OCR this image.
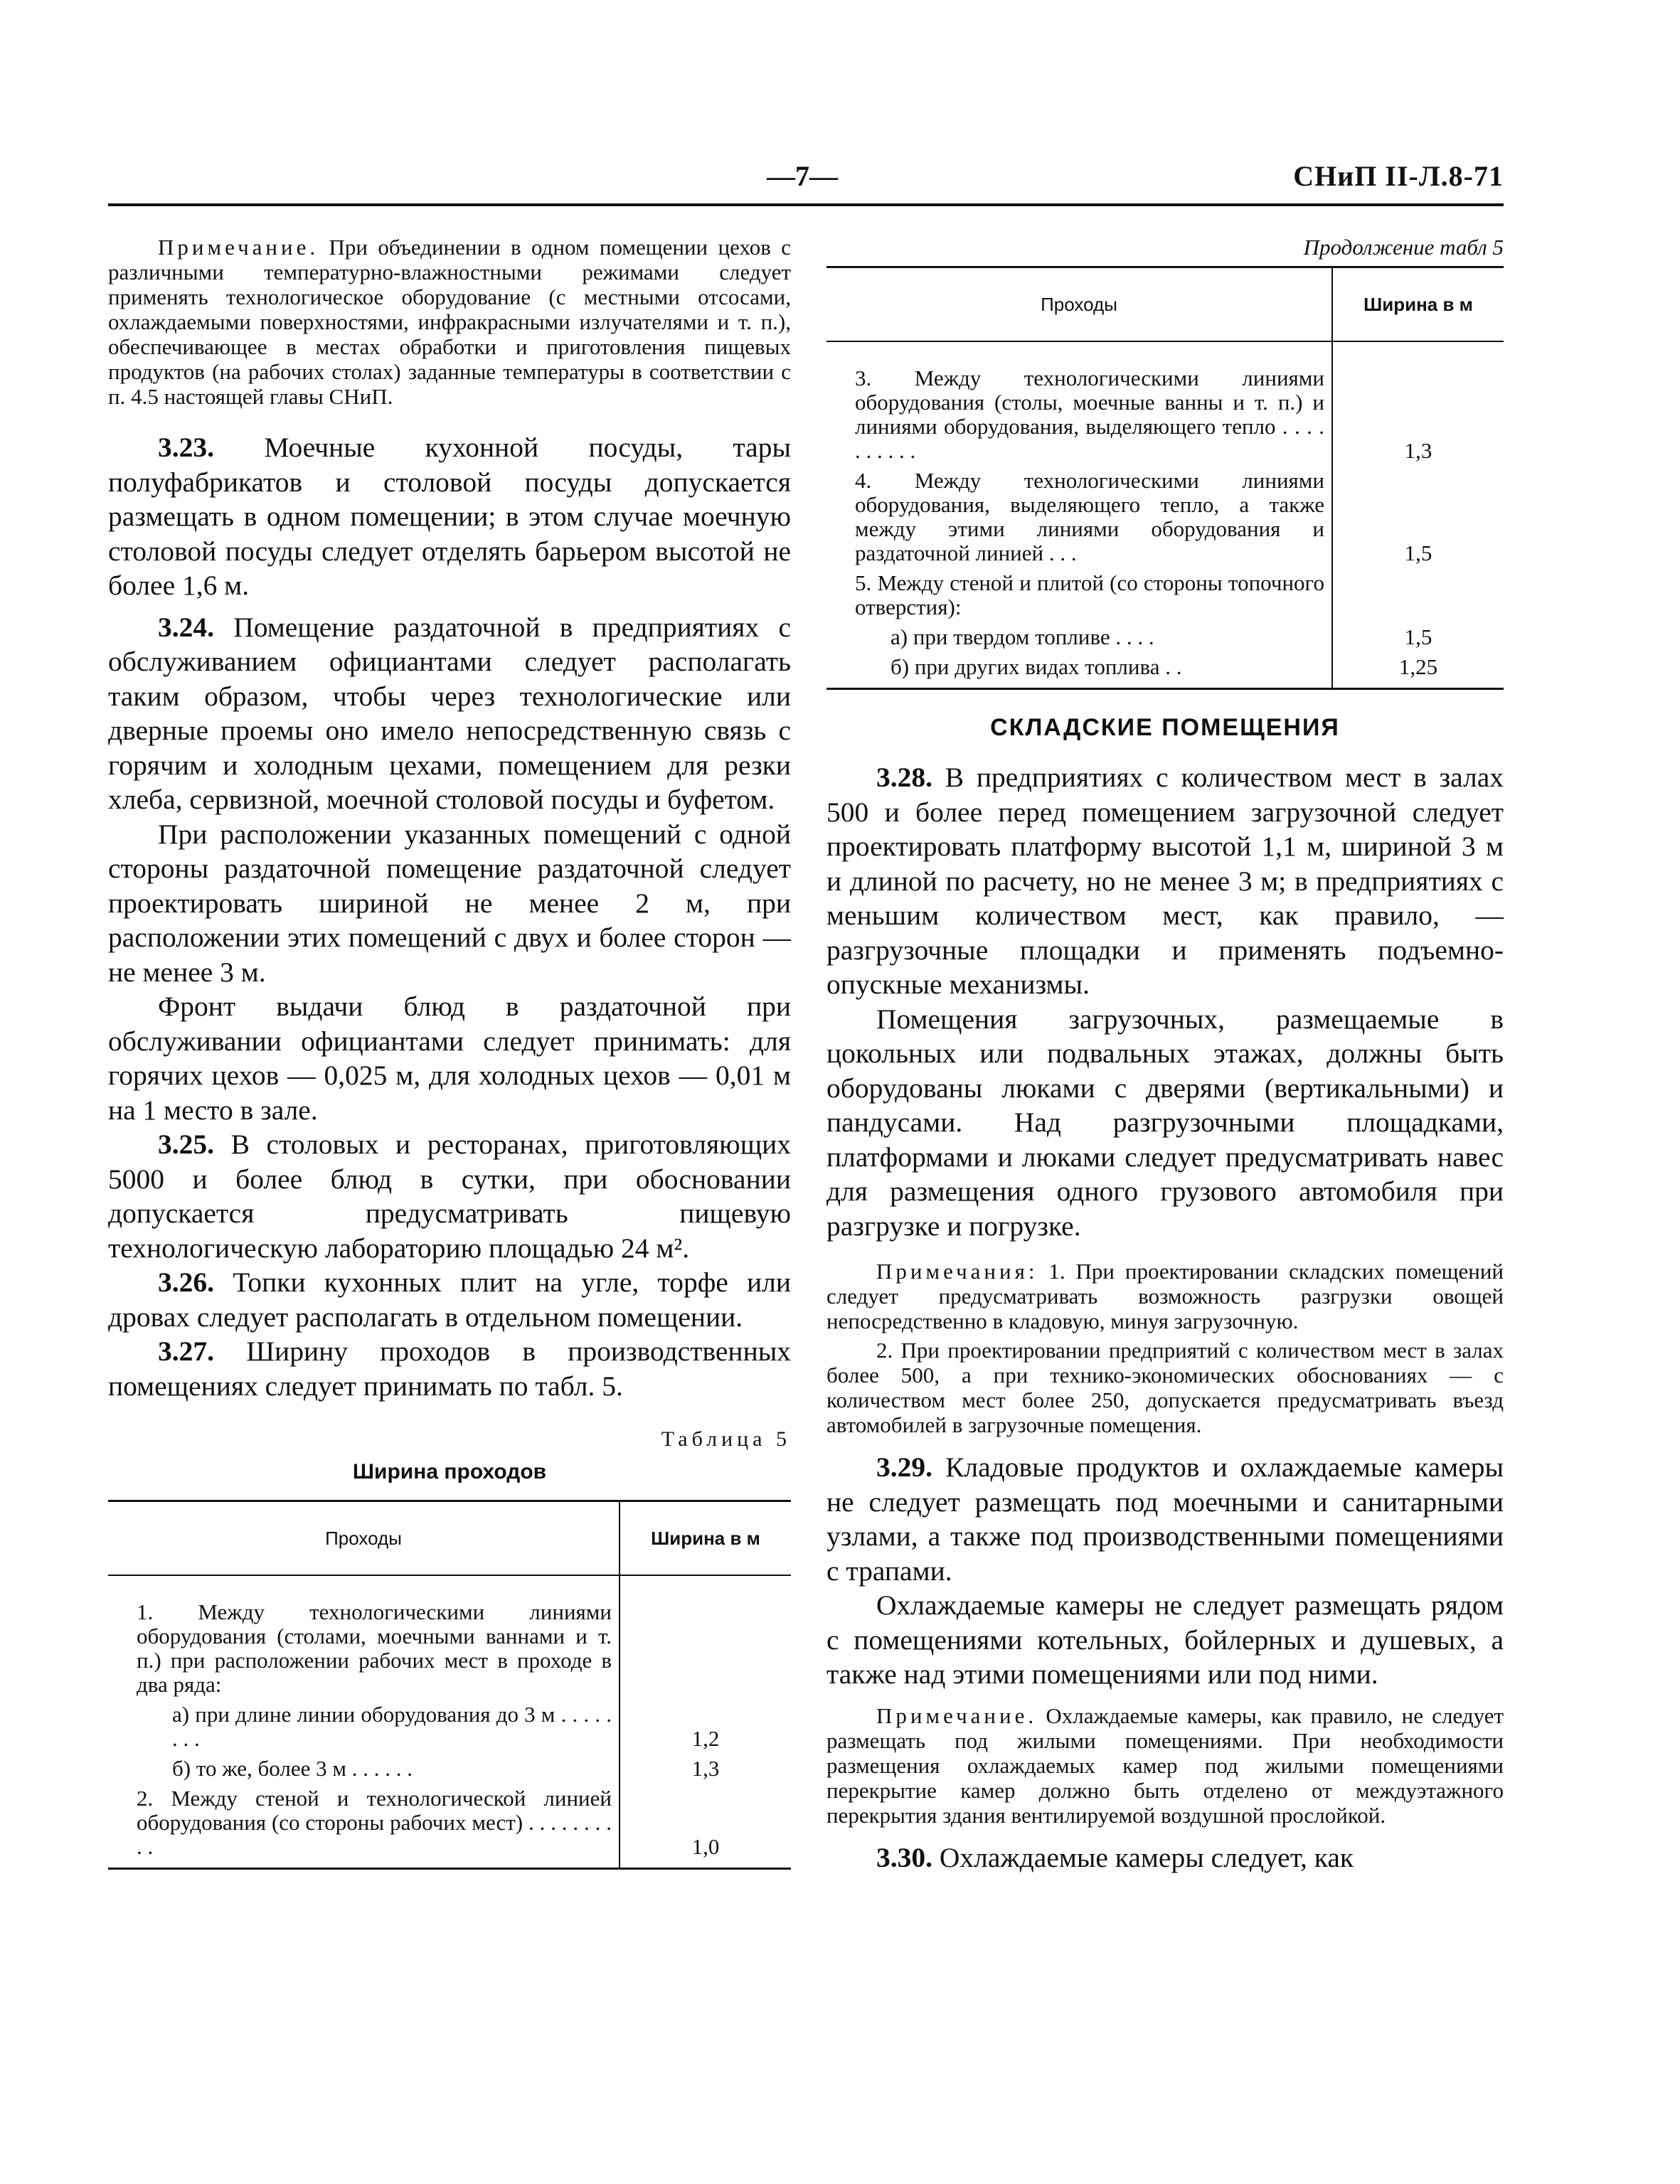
—7—	СНиП II-Л.8-71

Примечание. При объединении в одном помещении цехов с различными температурно-влажностными режимами следует применять технологическое оборудование (с местными отсосами, охлаждаемыми поверхностями, инфракрасными излучателями и т. п.), обеспечивающее в местах обработки и приготовления пищевых продуктов (на рабочих столах) заданные температуры в соответствии с п. 4.5 настоящей главы СНиП.

3.23. Моечные кухонной посуды, тары полуфабрикатов и столовой посуды допускается размещать в одном помещении; в этом случае моечную столовой посуды следует отделять барьером высотой не более 1,6 м.

3.24. Помещение раздаточной в предприятиях с обслуживанием официантами следует располагать таким образом, чтобы через технологические или дверные проемы оно имело непосредственную связь с горячим и холодным цехами, помещением для резки хлеба, сервизной, моечной столовой посуды и буфетом.

При расположении указанных помещений с одной стороны раздаточной помещение раздаточной следует проектировать шириной не менее 2 м, при расположении этих помещений с двух и более сторон — не менее 3 м.

Фронт выдачи блюд в раздаточной при обслуживании официантами следует принимать: для горячих цехов — 0,025 м, для холодных цехов — 0,01 м на 1 место в зале.

3.25. В столовых и ресторанах, приготовляющих 5000 и более блюд в сутки, при обосновании допускается предусматривать пищевую технологическую лабораторию площадью 24 м².

3.26. Топки кухонных плит на угле, торфе или дровах следует располагать в отдельном помещении.

3.27. Ширину проходов в производственных помещениях следует принимать по табл. 5.

Таблица 5
Ширина проходов
Проходы	Ширина в м
1. Между технологическими линиями оборудования (столами, моечными ваннами и т. п.) при расположении рабочих мест в проходе в два ряда:	
а) при длине линии оборудования до 3 м . . . . . . . .	1,2
б) то же, более 3 м . . . . . .	1,3
2. Между стеной и технологической линией оборудования (со стороны рабочих мест) . . . . . . . . . .	1,0
Продолжение табл 5
Проходы	Ширина в м
3. Между технологическими линиями оборудования (столы, моечные ванны и т. п.) и линиями оборудования, выделяющего тепло . . . . . . . . . .	1,3
4. Между технологическими линиями оборудования, выделяющего тепло, а также между этими линиями оборудования и раздаточной линией . . .	1,5
5. Между стеной и плитой (со стороны топочного отверстия):	
а) при твердом топливе . . . .	1,5
б) при других видах топлива . .	1,25
СКЛАДСКИЕ ПОМЕЩЕНИЯ

3.28. В предприятиях с количеством мест в залах 500 и более перед помещением загрузочной следует проектировать платформу высотой 1,1 м, шириной 3 м и длиной по расчету, но не менее 3 м; в предприятиях с меньшим количеством мест, как правило, — разгрузочные площадки и применять подъемно-опускные механизмы.

Помещения загрузочных, размещаемые в цокольных или подвальных этажах, должны быть оборудованы люками с дверями (вертикальными) и пандусами. Над разгрузочными площадками, платформами и люками следует предусматривать навес для размещения одного грузового автомобиля при разгрузке и погрузке.

Примечания: 1. При проектировании складских помещений следует предусматривать возможность разгрузки овощей непосредственно в кладовую, минуя загрузочную.

2. При проектировании предприятий с количеством мест в залах более 500, а при технико-экономических обоснованиях — с количеством мест более 250, допускается предусматривать въезд автомобилей в загрузочные помещения.

3.29. Кладовые продуктов и охлаждаемые камеры не следует размещать под моечными и санитарными узлами, а также под производственными помещениями с трапами.

Охлаждаемые камеры не следует размещать рядом с помещениями котельных, бойлерных и душевых, а также над этими помещениями или под ними.

Примечание. Охлаждаемые камеры, как правило, не следует размещать под жилыми помещениями. При необходимости размещения охлаждаемых камер под жилыми помещениями перекрытие камер должно быть отделено от междуэтажного перекрытия здания вентилируемой воздушной прослойкой.

3.30. Охлаждаемые камеры следует, как
